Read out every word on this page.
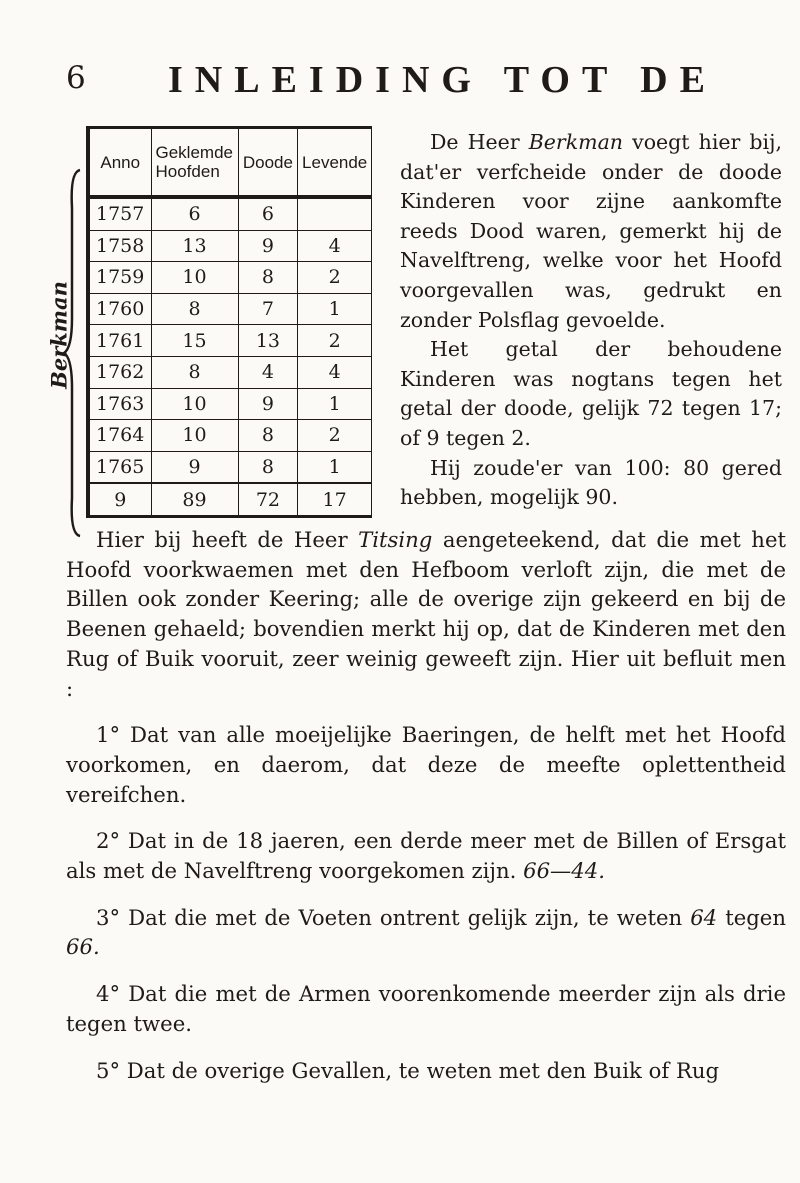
6 INLEIDING TOT DE
Berkman
Anno	Geklemde Hoofden	Doode	Levende
1757	6	6	
1758	13	9	4
1759	10	8	2
1760	8	7	1
1761	15	13	2
1762	8	4	4
1763	10	9	1
1764	10	8	2
1765	9	8	1
9	89	72	17

De Heer Berkman voegt hier bij, dat'er verfcheide onder de doode Kinderen voor zijne aankomfte reeds Dood waren, gemerkt hij de Navelftreng, welke voor het Hoofd voorgevallen was, gedrukt en zonder Polsflag gevoelde.

Het getal der behoudene Kinderen was nogtans tegen het getal der doode, gelijk 72 tegen 17; of 9 tegen 2.

Hij zoude'er van 100: 80 gered hebben, mogelijk 90.

Hier bij heeft de Heer Titsing aengeteekend, dat die met het Hoofd voorkwaemen met den Hefboom verloft zijn, die met de Billen ook zonder Keering; alle de overige zijn gekeerd en bij de Beenen gehaeld; bovendien merkt hij op, dat de Kinderen met den Rug of Buik vooruit, zeer weinig geweeft zijn. Hier uit befluit men :

1° Dat van alle moeijelijke Baeringen, de helft met het Hoofd voorkomen, en daerom, dat deze de meefte oplettentheid vereifchen.

2° Dat in de 18 jaeren, een derde meer met de Billen of Ersgat als met de Navelftreng voorgekomen zijn. 66—44.

3° Dat die met de Voeten ontrent gelijk zijn, te weten 64 tegen 66.

4° Dat die met de Armen voorenkomende meerder zijn als drie tegen twee.

5° Dat de overige Gevallen, te weten met den Buik of Rug
